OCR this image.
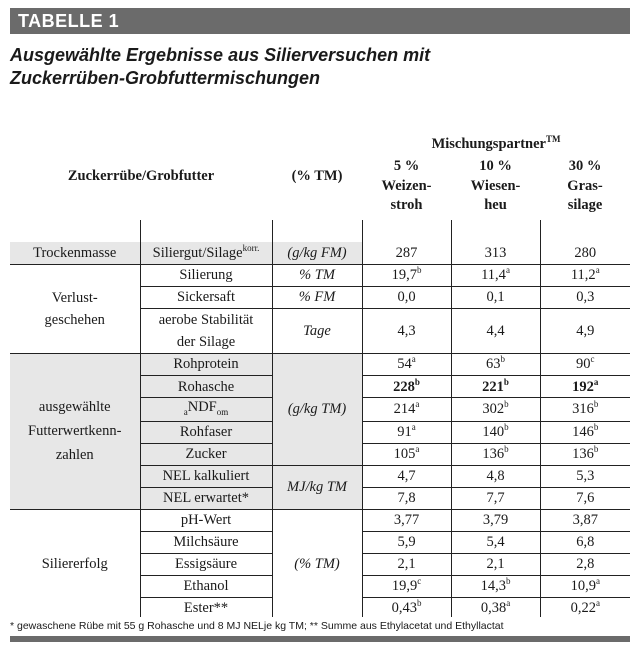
TABELLE 1
Ausgewählte Ergebnisse aus Silierversuchen mit
Zuckerrüben-Grobfuttermischungen
Zuckerrübe/Grobfutter		(% TM)	Mischungspartner™
			5 %	10 %	30 %
			Weizen-	Wiesen-	Gras-
			stroh	heu	silage

Trockenmasse	Siliergut/Silage$^{korr.}$	(g/kg FM)	287	313	280

Verlust-
geschehen	Silierung	% TM	19,7$^b$	11,4$^a$	11,2$^a$
	Sickersaft	% FM	0,0	0,1	0,3

	aerobe Stabilität
der Silage	Tage	4,3	4,4	4,9

ausgewählte
Futterwertkenn-
zahlen	Rohprotein	(g/kg TM)	54$^a$	63$^b$	90$^c$
	Rohasche		228$^b$	221$^b$	192$^a$
	$_aNDF_{om}$		214$^a$	302$^b$	316$^b$
	Rohfaser		91$^a$	140$^b$	146$^b$
	Zucker		105$^a$	136$^b$	136$^b$
	NEL kalkuliert	MJ/kg TM	4,7	4,8	5,3
	NEL erwartet*		7,8	7,7	7,6
Siliererfolg	pH-Wert	(% TM)	3,77	3,79	3,87
	Milchsäure		5,9	5,4	6,8
	Essigsäure		2,1	2,1	2,8
	Ethanol		19,9$^c$	14,3$^b$	10,9$^a$
	Ester**		0,43$^b$	0,38$^a$	0,22$^a$
* gewaschene Rübe mit 55 g Rohasche und 8 MJ NELje kg TM; ** Summe aus Ethylacetat und Ethyllactat
